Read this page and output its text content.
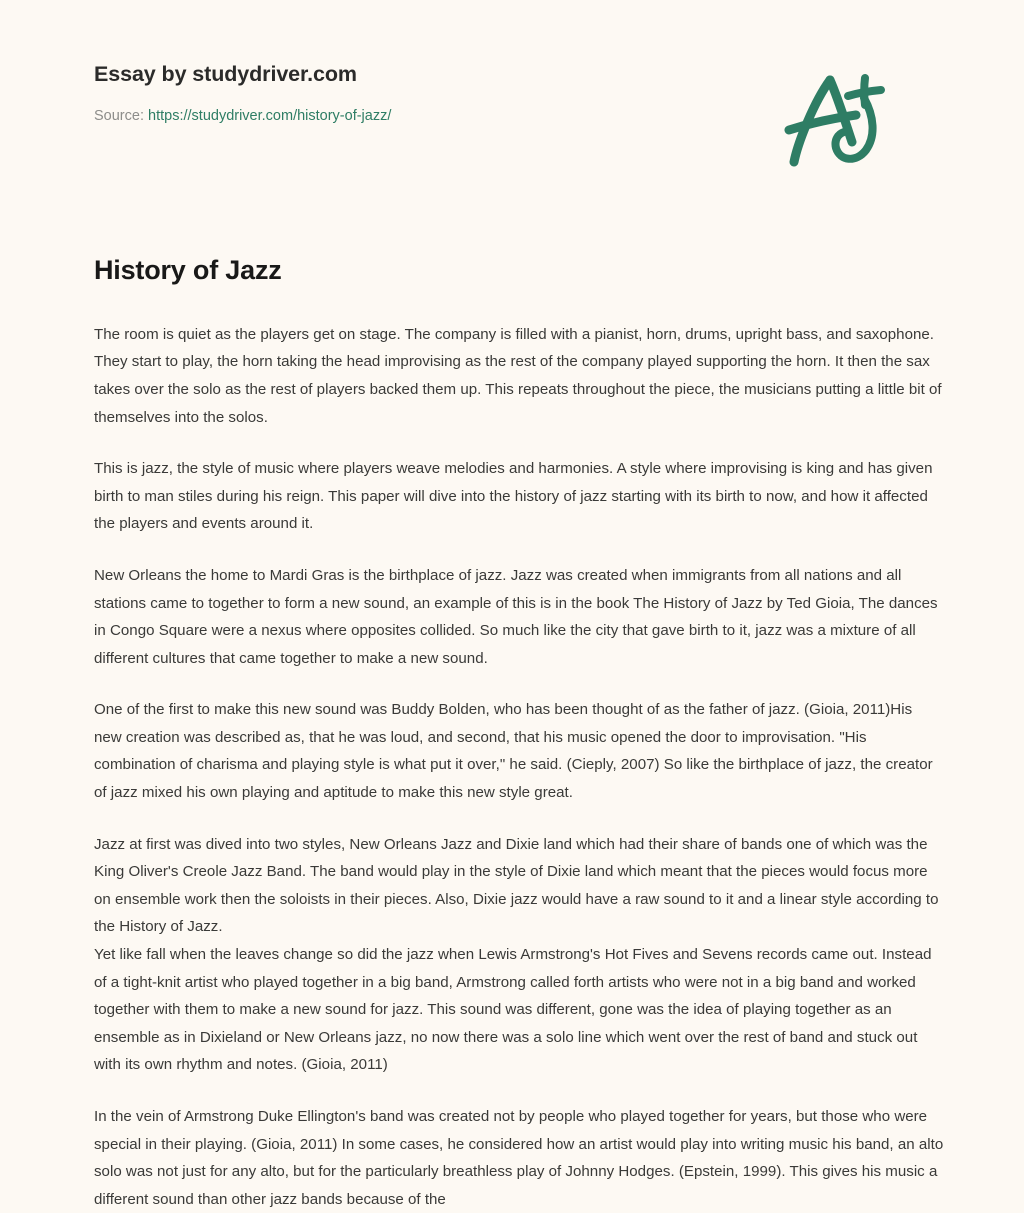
Essay by studydriver.com
Source: https://studydriver.com/history-of-jazz/
History of Jazz

The room is quiet as the players get on stage. The company is filled with a pianist, horn, drums, upright bass, and saxophone. They start to play, the horn taking the head improvising as the rest of the company played supporting the horn. It then the sax takes over the solo as the rest of players backed them up. This repeats throughout the piece, the musicians putting a little bit of themselves into the solos.

This is jazz, the style of music where players weave melodies and harmonies. A style where improvising is king and has given birth to man stiles during his reign. This paper will dive into the history of jazz starting with its birth to now, and how it affected the players and events around it.

New Orleans the home to Mardi Gras is the birthplace of jazz. Jazz was created when immigrants from all nations and all stations came to together to form a new sound, an example of this is in the book The History of Jazz by Ted Gioia, The dances in Congo Square were a nexus where opposites collided. So much like the city that gave birth to it, jazz was a mixture of all different cultures that came together to make a new sound.

One of the first to make this new sound was Buddy Bolden, who has been thought of as the father of jazz. (Gioia, 2011)His new creation was described as, that he was loud, and second, that his music opened the door to improvisation. "His combination of charisma and playing style is what put it over," he said. (Cieply, 2007) So like the birthplace of jazz, the creator of jazz mixed his own playing and aptitude to make this new style great.

Jazz at first was dived into two styles, New Orleans Jazz and Dixie land which had their share of bands one of which was the King Oliver's Creole Jazz Band. The band would play in the style of Dixie land which meant that the pieces would focus more on ensemble work then the soloists in their pieces. Also, Dixie jazz would have a raw sound to it and a linear style according to the History of Jazz.
Yet like fall when the leaves change so did the jazz when Lewis Armstrong's Hot Fives and Sevens records came out. Instead of a tight-knit artist who played together in a big band, Armstrong called forth artists who were not in a big band and worked together with them to make a new sound for jazz. This sound was different, gone was the idea of playing together as an ensemble as in Dixieland or New Orleans jazz, no now there was a solo line which went over the rest of band and stuck out with its own rhythm and notes. (Gioia, 2011)

In the vein of Armstrong Duke Ellington's band was created not by people who played together for years, but those who were special in their playing. (Gioia, 2011) In some cases, he considered how an artist would play into writing music his band, an alto solo was not just for any alto, but for the particularly breathless play of Johnny Hodges. (Epstein, 1999). This gives his music a different sound than other jazz bands because of the
